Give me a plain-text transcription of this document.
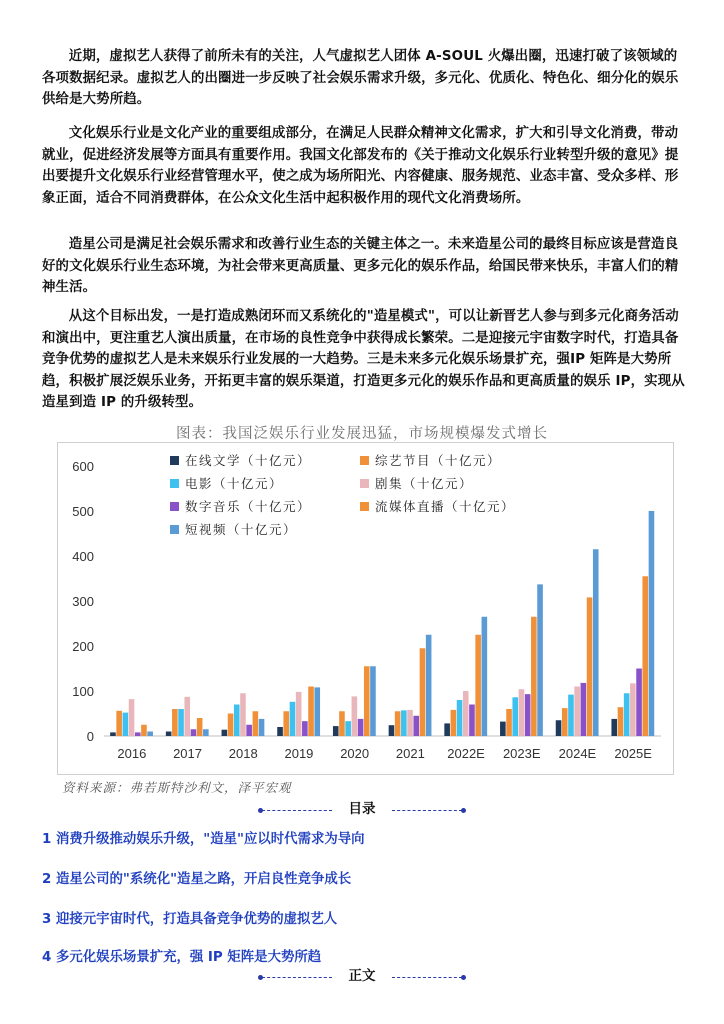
近期，虚拟艺人获得了前所未有的关注，人气虚拟艺人团体 A-SOUL 火爆出圈，迅速打破了该领域的各项数据纪录。虚拟艺人的出圈进一步反映了社会娱乐需求升级，多元化、优质化、特色化、细分化的娱乐供给是大势所趋。

文化娱乐行业是文化产业的重要组成部分，在满足人民群众精神文化需求，扩大和引导文化消费，带动就业，促进经济发展等方面具有重要作用。我国文化部发布的《关于推动文化娱乐行业转型升级的意见》提出要提升文化娱乐行业经营管理水平，使之成为场所阳光、内容健康、服务规范、业态丰富、受众多样、形象正面，适合不同消费群体，在公众文化生活中起积极作用的现代文化消费场所。

造星公司是满足社会娱乐需求和改善行业生态的关键主体之一。未来造星公司的最终目标应该是营造良好的文化娱乐行业生态环境，为社会带来更高质量、更多元化的娱乐作品，给国民带来快乐，丰富人们的精神生活。

从这个目标出发，一是打造成熟闭环而又系统化的"造星模式"，可以让新晋艺人参与到多元化商务活动和演出中，更注重艺人演出质量，在市场的良性竞争中获得成长繁荣。二是迎接元宇宙数字时代，打造具备竞争优势的虚拟艺人是未来娱乐行业发展的一大趋势。三是未来多元化娱乐场景扩充，强IP 矩阵是大势所趋，积极扩展泛娱乐业务，开拓更丰富的娱乐渠道，打造更多元化的娱乐作品和更高质量的娱乐 IP，实现从造星到造 IP 的升级转型。

图表：我国泛娱乐行业发展迅猛，市场规模爆发式增长
0
100
200
300
400
500
600
2016 2017 2018 2019 2020 2021 2022E 2023E 2024E 2025E
在线文学（十亿元）	综艺节目（十亿元）
电影（十亿元）	剧集（十亿元）
数字音乐（十亿元）	流媒体直播（十亿元）
短视频（十亿元）
资料来源：弗若斯特沙利文，泽平宏观
目录
1 消费升级推动娱乐升级，"造星"应以时代需求为导向
2 造星公司的"系统化"造星之路，开启良性竞争成长
3 迎接元宇宙时代，打造具备竞争优势的虚拟艺人
4 多元化娱乐场景扩充，强 IP 矩阵是大势所趋
正文
